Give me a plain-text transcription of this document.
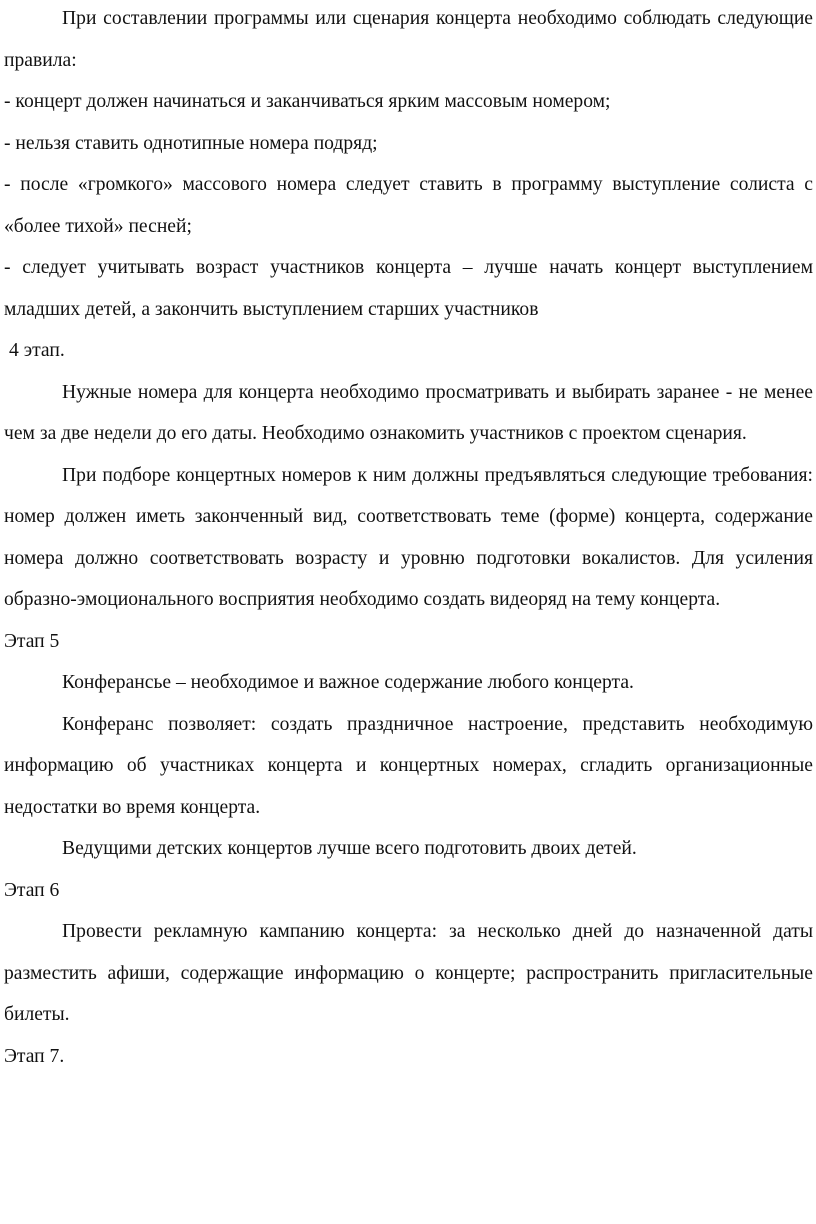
При составлении программы или сценария концерта необходимо соблюдать следующие правила:

- концерт должен начинаться и заканчиваться ярким массовым номером;

- нельзя ставить однотипные номера подряд;

- после «громкого» массового номера следует ставить в программу выступление солиста с «более тихой» песней;

- следует учитывать возраст участников концерта – лучше начать концерт выступлением младших детей, а закончить выступлением старших участников

4 этап.

Нужные номера для концерта необходимо просматривать и выбирать заранее - не менее чем за две недели до его даты. Необходимо ознакомить участников с проектом сценария.

При подборе концертных номеров к ним должны предъявляться следующие требования: номер должен иметь законченный вид, соответствовать теме (форме) концерта, содержание номера должно соответствовать возрасту и уровню подготовки вокалистов. Для усиления образно-эмоционального восприятия необходимо создать видеоряд на тему концерта.

Этап 5

Конферансье – необходимое и важное содержание любого концерта.

Конферанс позволяет: создать праздничное настроение, представить необходимую информацию об участниках концерта и концертных номерах, сгладить организационные недостатки во время концерта.

Ведущими детских концертов лучше всего подготовить двоих детей.

Этап 6

Провести рекламную кампанию концерта: за несколько дней до назначенной даты разместить афиши, содержащие информацию о концерте; распространить пригласительные билеты.

Этап 7.
